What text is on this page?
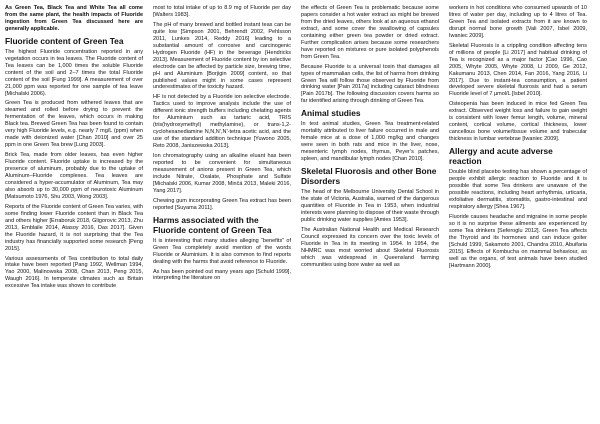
As Green Tea, Black Tea and White Tea all come from the same plant, the health impacts of Fluoride ingestion from Green Tea discussed here are generally applicable.

Fluoride content of Green Tea

The highest Fluoride concentration reported in any vegetation occurs in tea leaves. The Fluoride content of Tea leaves can be 1,000 times the soluble Fluoride content of the soil and 2–7 times the total Fluoride content of the soil [Fung 1999]. A measurement of over 21,000 ppm was reported for one sample of tea leave [Michalski 2006).

Green Tea is produced from withered leaves that are steamed and rolled before drying to prevent the fermentation of the leaves, which occurs in making Black tea. Brewed Green Tea has been found to contain very high Fluoride levels, e.g. nearly 7 mg/L (ppm) when made with deionized water [Chan 2010] and over 25 ppm in one Green Tea brew [Lung 2003].

Brick Tea, made from older leaves, has even higher Fluoride content. Fluoride uptake is increased by the presence of aluminum, probably due to the uptake of Aluminum–Fluoride complexes. Tea leaves are considered a hyper-accumulator of Aluminum, Tea may also absorb up to 30,000 ppm of neurotoxic Aluminum [Matsumoto 1976, Shu 2003, Wong 2003].

Reports of the Fluoride content of Green Tea varies, with some finding lower Fluoride content than in Black Tea and others higher [Erraboruk 2018, Gligorovic 2013, Zhu 2013, Emblaile 2014, Atasoy 2016, Das 2017]. Given the Fluoride hazard, it is not surprising that the Tea industry has financially supported some research [Peng 2015].

Various assessments of Tea contribution to total daily intake have been reported [Pang 1992, Wellman 1994, Yao 2000, Malinowska 2008, Chan 2013, Peng 2015, Waugh 2016]. In temperate climates such as Britain excessive Tea intake was shown to contribute

most to total intake of up to 8.9 mg of Fluoride per day [Walters 1983].

The pH of many brewed and bottled instant teas can be quite low [Simpson 2001, Behrendt 2002, Pehlsson 2011, Lunkes 2014, Reddy 2016] leading to a substantial amount of corrosive and carcinogenic Hydrogen Fluoride (HF) in the beverage [Hendricks 2013]. Measurement of Fluoride content by ion selective electrode can be affected by particle size, brewing time, pH and Aluminium [Borjigin 2009] content, so that published values might in some cases represent underestimates of the toxicity hazard.

HF is not detected by a Fluoride ion selective electrode. Tactics used to improve analysis include the use of different ionic strength buffers including chelating agents for Aluminium such as tartaric acid, TRIS (tris(hydroxymethyl) methylamine), or trans-1,2-cyclohexanediamine N,N,N’,N’-tetra acetic acid, and the use of the standard addition technique [Yuwono 2005, Reto 2008, Janiszewska 2013].

Ion chromatography using an alkaline eluant has been reported to be convenient for simultaneous measurement of anions present in Green Tea, which include Nitrate, Oxalate, Phosphate and Sulfate [Michalski 2006, Kumar 2008, Minčá 2013, Maleki 2016, Yang 2017].

Chewing gum incorporating Green Tea extract has been reported [Suyama 2011].

Harms associated with the Fluoride content of Green Tea

It is interesting that many studies alleging “benefits” of Green Tea completely avoid mention of the words Fluoride or Aluminium. It is also common to find reports dealing with the harms that avoid reference to Fluoride.

As has been pointed out many years ago [Schuld 1999], interpreting the literature on

the effects of Green Tea is problematic because some papers consider a hot water extract as might be brewed from the dried leaves, others look at an aqueous ethanol extract, and some cover the swallowing of capsules containing either green tea powder or dried extract. Further complication arises because some researchers have reported on mixtures or pure isolated polyphenols from Green Tea.

Because Fluoride is a universal toxin that damages all types of mammalian cells, the list of harms from drinking Green Tea will follow those observed by Fluoride from drinking water [Pain 2017a] including cataract blindness [Pain 2017b]. The following discussion covers harms so far identified arising through drinking of Green Tea.

Animal studies

In test animal studies, Green Tea treatment-related mortality attributed to liver failure occurred in male and female mice at a dose of 1,000 mg/kg and changes were seen in both rats and mice in the liver, nose, mesenteric lymph nodes, thymus, Peyer’s patches, spleen, and mandibular lymph nodes [Chan 2010].

Skeletal Fluorosis and other Bone Disorders

The head of the Melbourne University Dental School in the state of Victoria, Australia, warned of the dangerous quantities of Fluoride in Tea in 1953, when industrial interests were planning to dispose of their waste through public drinking water supplies [Amies 1953].

The Australian National Health and Medical Research Council expressed its concern over the toxic levels of Fluoride in Tea in its meeting in 1954. In 1954, the NHMRC was most worried about Skeletal Fluorosis which was widespread in Queensland farming communities using bore water as well as

workers in hot conditions who consumed upwards of 10 litres of water per day, including up to 4 litres of Tea. Green Tea and isolated extracts from it are known to disrupt normal bone growth [Vali 2007, Isbel 2009, Iwaniec 2009].

Skeletal Fluorosis is a crippling condition affecting tens of millions of people [Li 2017] and habitual drinking of Tea is recognized as a major factor [Cao 1996, Cao 2005, Whyte 2005, Whyte 2008, Li 2009, Ge 2012, Kakumanu 2013, Chen 2014, Fan 2016, Yang 2016, Li 2017]. Due to instant-tea consumption, a patient developed severe skeletal fluorosis and had a serum Fluoride level of 7 µmol/L [Isbel 2010].

Osteopenia has been induced in mice fed Green Tea extract. Observed weight loss and failure to gain weight is consistent with lower femur length, volume, mineral content, cortical volume, cortical thickness, lower cancellous bone volume/tissue volume and trabecular thickness in lumbar vertebrae [Iwaniec 2009].

Allergy and acute adverse reaction

Double blind placebo testing has shown a percentage of people exhibit allergic reaction to Fluoride and it is possible that some Tea drinkers are unaware of the possible reactions, including heart arrhythmia, urticaria, exfoliative dermatitis, stomatitis, gastro-intestinal and respiratory allergy [Shea 1967].

Fluoride causes headache and migraine in some people so it is no surprise these ailments are experienced by some Tea drinkers [Seferoglu 2012]. Green Tea affects the Thyroid and its hormones and can induce goiter [Schuld 1999, Sakamoto 2001, Chandra 2010, Abuifaria 2015]. Effects of Kombucha on mammal behaviour, as well as the organs, of test animals have been studied [Hartmann 2000].
